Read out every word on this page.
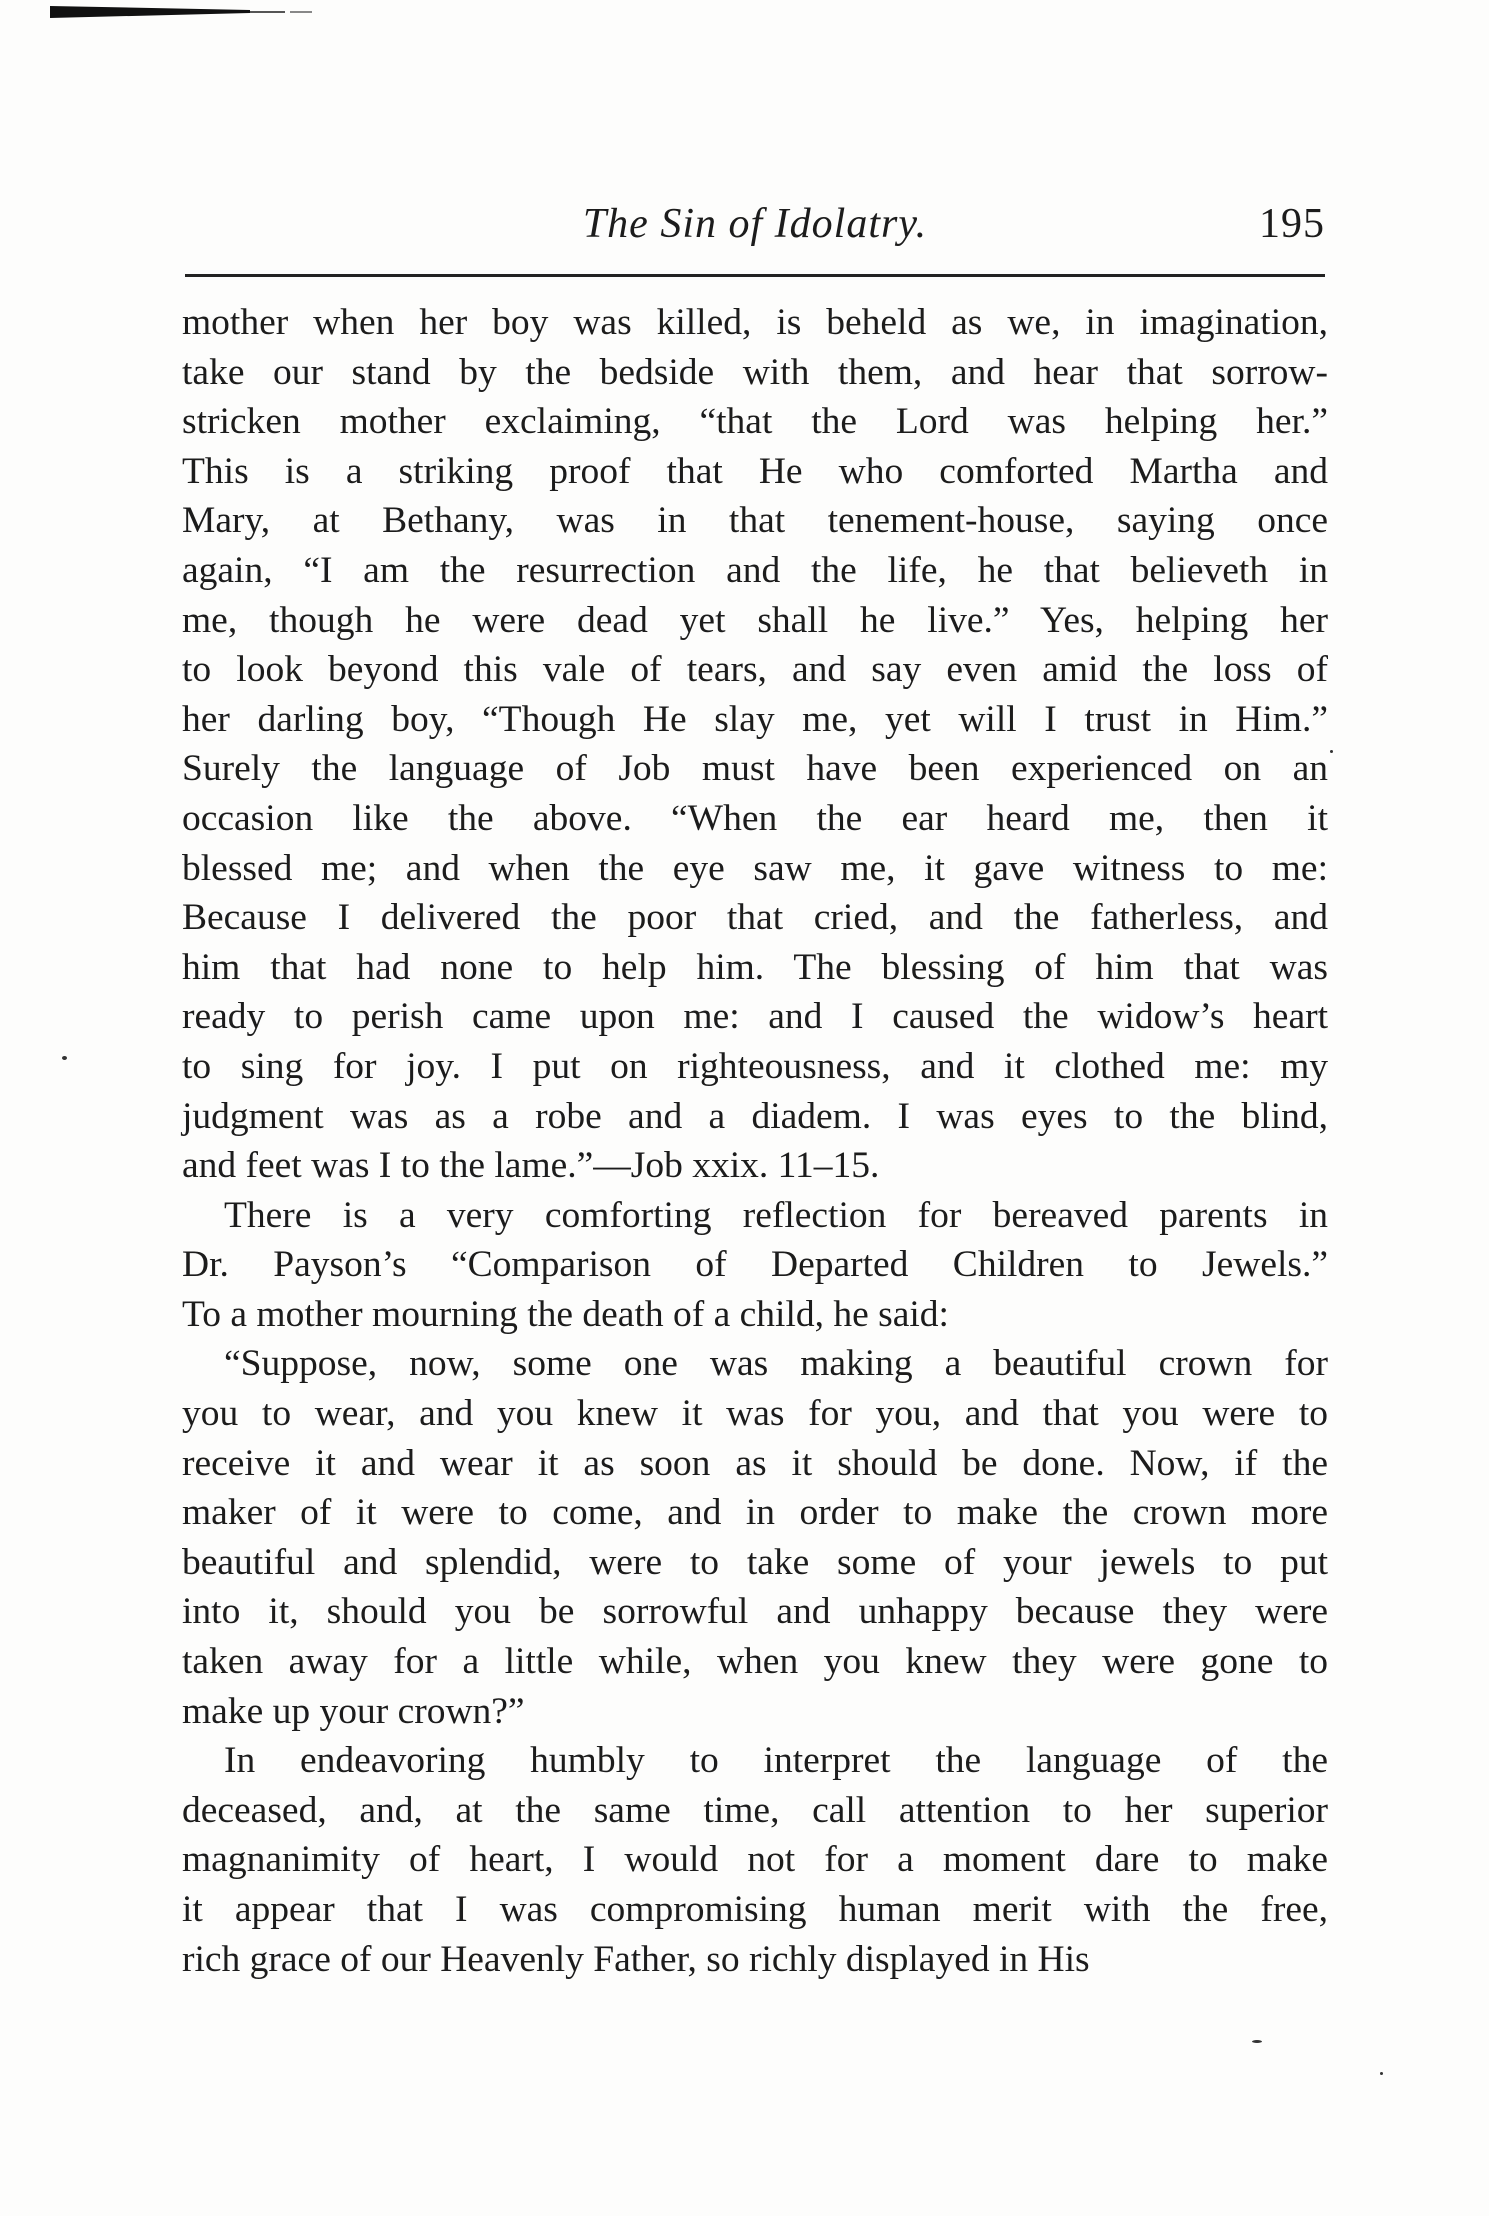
The Sin of Idolatry.	195
mother when her boy was killed, is beheld as we, in imagination,
take our stand by the bedside with them, and hear that sorrow-
stricken mother exclaiming, “that the Lord was helping her.”
This is a striking proof that He who comforted Martha and
Mary, at Bethany, was in that tenement-house, saying once
again, “I am the resurrection and the life, he that believeth in
me, though he were dead yet shall he live.” Yes, helping her
to look beyond this vale of tears, and say even amid the loss of
her darling boy, “Though He slay me, yet will I trust in Him.”
Surely the language of Job must have been experienced on an
occasion like the above. “When the ear heard me, then it
blessed me; and when the eye saw me, it gave witness to me:
Because I delivered the poor that cried, and the fatherless, and
him that had none to help him. The blessing of him that was
ready to perish came upon me: and I caused the widow’s heart
to sing for joy. I put on righteousness, and it clothed me: my
judgment was as a robe and a diadem. I was eyes to the blind,
and feet was I to the lame.”—Job xxix. 11–15.
There is a very comforting reflection for bereaved parents in
Dr. Payson’s “Comparison of Departed Children to Jewels.”
To a mother mourning the death of a child, he said:
“Suppose, now, some one was making a beautiful crown for
you to wear, and you knew it was for you, and that you were to
receive it and wear it as soon as it should be done. Now, if the
maker of it were to come, and in order to make the crown more
beautiful and splendid, were to take some of your jewels to put
into it, should you be sorrowful and unhappy because they were
taken away for a little while, when you knew they were gone to
make up your crown?”
In endeavoring humbly to interpret the language of the
deceased, and, at the same time, call attention to her superior
magnanimity of heart, I would not for a moment dare to make
it appear that I was compromising human merit with the free,
rich grace of our Heavenly Father, so richly displayed in His
